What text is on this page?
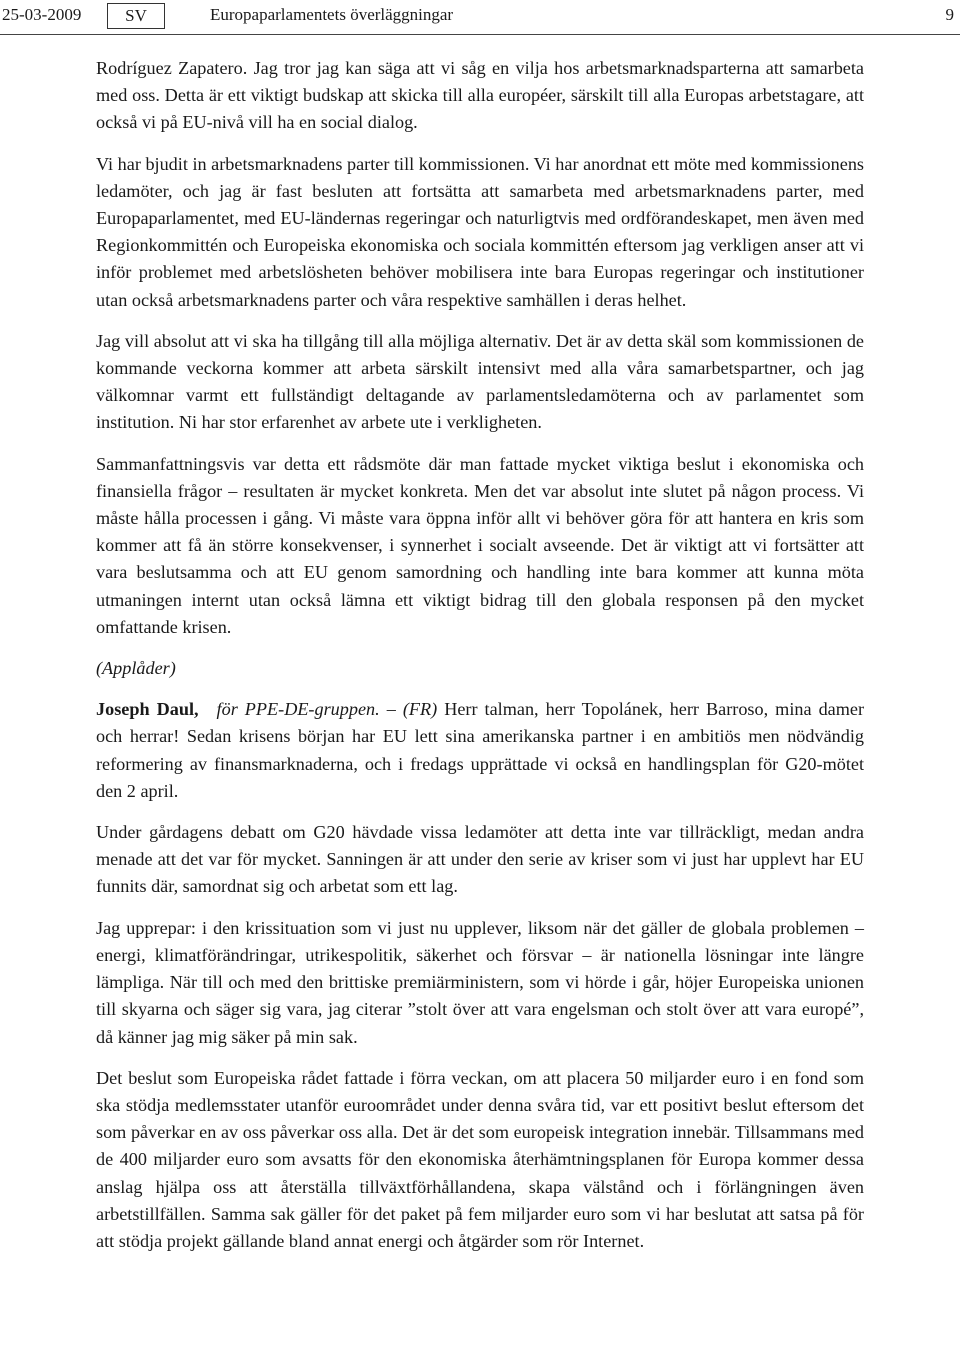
25-03-2009	SV	Europaparlamentets överläggningar	9

Rodríguez Zapatero. Jag tror jag kan säga att vi såg en vilja hos arbetsmarknadsparterna att samarbeta med oss. Detta är ett viktigt budskap att skicka till alla européer, särskilt till alla Europas arbetstagare, att också vi på EU-nivå vill ha en social dialog.

Vi har bjudit in arbetsmarknadens parter till kommissionen. Vi har anordnat ett möte med kommissionens ledamöter, och jag är fast besluten att fortsätta att samarbeta med arbetsmarknadens parter, med Europaparlamentet, med EU-ländernas regeringar och naturligtvis med ordförandeskapet, men även med Regionkommittén och Europeiska ekonomiska och sociala kommittén eftersom jag verkligen anser att vi inför problemet med arbetslösheten behöver mobilisera inte bara Europas regeringar och institutioner utan också arbetsmarknadens parter och våra respektive samhällen i deras helhet.

Jag vill absolut att vi ska ha tillgång till alla möjliga alternativ. Det är av detta skäl som kommissionen de kommande veckorna kommer att arbeta särskilt intensivt med alla våra samarbetspartner, och jag välkomnar varmt ett fullständigt deltagande av parlamentsledamöterna och av parlamentet som institution. Ni har stor erfarenhet av arbete ute i verkligheten.

Sammanfattningsvis var detta ett rådsmöte där man fattade mycket viktiga beslut i ekonomiska och finansiella frågor – resultaten är mycket konkreta. Men det var absolut inte slutet på någon process. Vi måste hålla processen i gång. Vi måste vara öppna inför allt vi behöver göra för att hantera en kris som kommer att få än större konsekvenser, i synnerhet i socialt avseende. Det är viktigt att vi fortsätter att vara beslutsamma och att EU genom samordning och handling inte bara kommer att kunna möta utmaningen internt utan också lämna ett viktigt bidrag till den globala responsen på den mycket omfattande krisen.

(Applåder)

Joseph Daul, för PPE-DE-gruppen. – (FR) Herr talman, herr Topolánek, herr Barroso, mina damer och herrar! Sedan krisens början har EU lett sina amerikanska partner i en ambitiös men nödvändig reformering av finansmarknaderna, och i fredags upprättade vi också en handlingsplan för G20-mötet den 2 april.

Under gårdagens debatt om G20 hävdade vissa ledamöter att detta inte var tillräckligt, medan andra menade att det var för mycket. Sanningen är att under den serie av kriser som vi just har upplevt har EU funnits där, samordnat sig och arbetat som ett lag.

Jag upprepar: i den krissituation som vi just nu upplever, liksom när det gäller de globala problemen – energi, klimatförändringar, utrikespolitik, säkerhet och försvar – är nationella lösningar inte längre lämpliga. När till och med den brittiske premiärministern, som vi hörde i går, höjer Europeiska unionen till skyarna och säger sig vara, jag citerar ”stolt över att vara engelsman och stolt över att vara europé”, då känner jag mig säker på min sak.

Det beslut som Europeiska rådet fattade i förra veckan, om att placera 50 miljarder euro i en fond som ska stödja medlemsstater utanför euroområdet under denna svåra tid, var ett positivt beslut eftersom det som påverkar en av oss påverkar oss alla. Det är det som europeisk integration innebär. Tillsammans med de 400 miljarder euro som avsatts för den ekonomiska återhämtningsplanen för Europa kommer dessa anslag hjälpa oss att återställa tillväxtförhållandena, skapa välstånd och i förlängningen även arbetstillfällen. Samma sak gäller för det paket på fem miljarder euro som vi har beslutat att satsa på för att stödja projekt gällande bland annat energi och åtgärder som rör Internet.
